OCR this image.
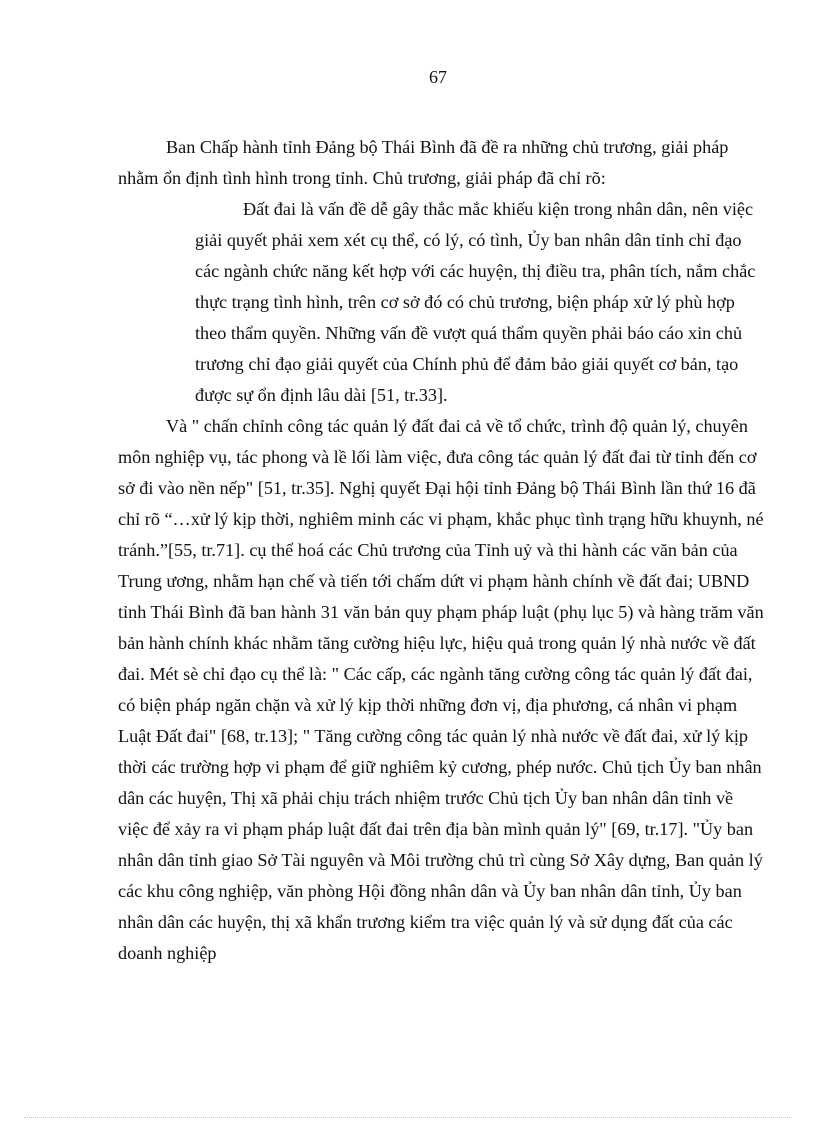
67

Ban Chấp hành tỉnh Đảng bộ Thái Bình đã đề ra những chủ trương, giải pháp nhằm ổn định tình hình trong tỉnh. Chủ trương, giải pháp đã chỉ rõ:

Đất đai là vấn đề dễ gây thắc mắc khiếu kiện trong nhân dân, nên việc giải quyết phải xem xét cụ thể, có lý, có tình, Ủy ban nhân dân tỉnh chỉ đạo các ngành chức năng kết hợp với các huyện, thị điều tra, phân tích, nắm chắc thực trạng tình hình, trên cơ sở đó có chủ trương, biện pháp xử lý phù hợp theo thẩm quyền. Những vấn đề vượt quá thẩm quyền phải báo cáo xin chủ trương chỉ đạo giải quyết của Chính phủ để đảm bảo giải quyết cơ bản, tạo được sự ổn định lâu dài [51, tr.33].

Và " chấn chỉnh công tác quản lý đất đai cả về tổ chức, trình độ quản lý, chuyên môn nghiệp vụ, tác phong và lề lối làm việc, đưa công tác quản lý đất đai từ tỉnh đến cơ sở đi vào nền nếp" [51, tr.35]. Nghị quyết Đại hội tỉnh Đảng bộ Thái Bình lần thứ 16 đã chỉ rõ “…xử lý kịp thời, nghiêm minh các vi phạm, khắc phục tình trạng hữu khuynh, né tránh.”[55, tr.71]. cụ thể hoá các Chủ trương của Tỉnh uỷ và thi hành các văn bản của Trung ương, nhằm hạn chế và tiến tới chấm dứt vi phạm hành chính về đất đai; UBND tỉnh Thái Bình đã ban hành 31 văn bản quy phạm pháp luật (phụ lục 5) và hàng trăm văn bản hành chính khác nhằm tăng cường hiệu lực, hiệu quả trong quản lý nhà nước về đất đai. Mét sè chỉ đạo cụ thể là: " Các cấp, các ngành tăng cường công tác quản lý đất đai, có biện pháp ngăn chặn và xử lý kịp thời những đơn vị, địa phương, cá nhân vi phạm Luật Đất đai" [68, tr.13]; " Tăng cường công tác quản lý nhà nước về đất đai, xử lý kịp thời các trường hợp vi phạm để giữ nghiêm kỷ cương, phép nước. Chủ tịch Ủy ban nhân dân các huyện, Thị xã phải chịu trách nhiệm trước Chủ tịch Ủy ban nhân dân tỉnh về việc để xảy ra vi phạm pháp luật đất đai trên địa bàn mình quản lý" [69, tr.17]. "Ủy ban nhân dân tỉnh giao Sở Tài nguyên và Môi trường chủ trì cùng Sở Xây dựng, Ban quản lý các khu công nghiệp, văn phòng Hội đồng nhân dân và Ủy ban nhân dân tỉnh, Ủy ban nhân dân các huyện, thị xã khẩn trương kiểm tra việc quản lý và sử dụng đất của các doanh nghiệp
